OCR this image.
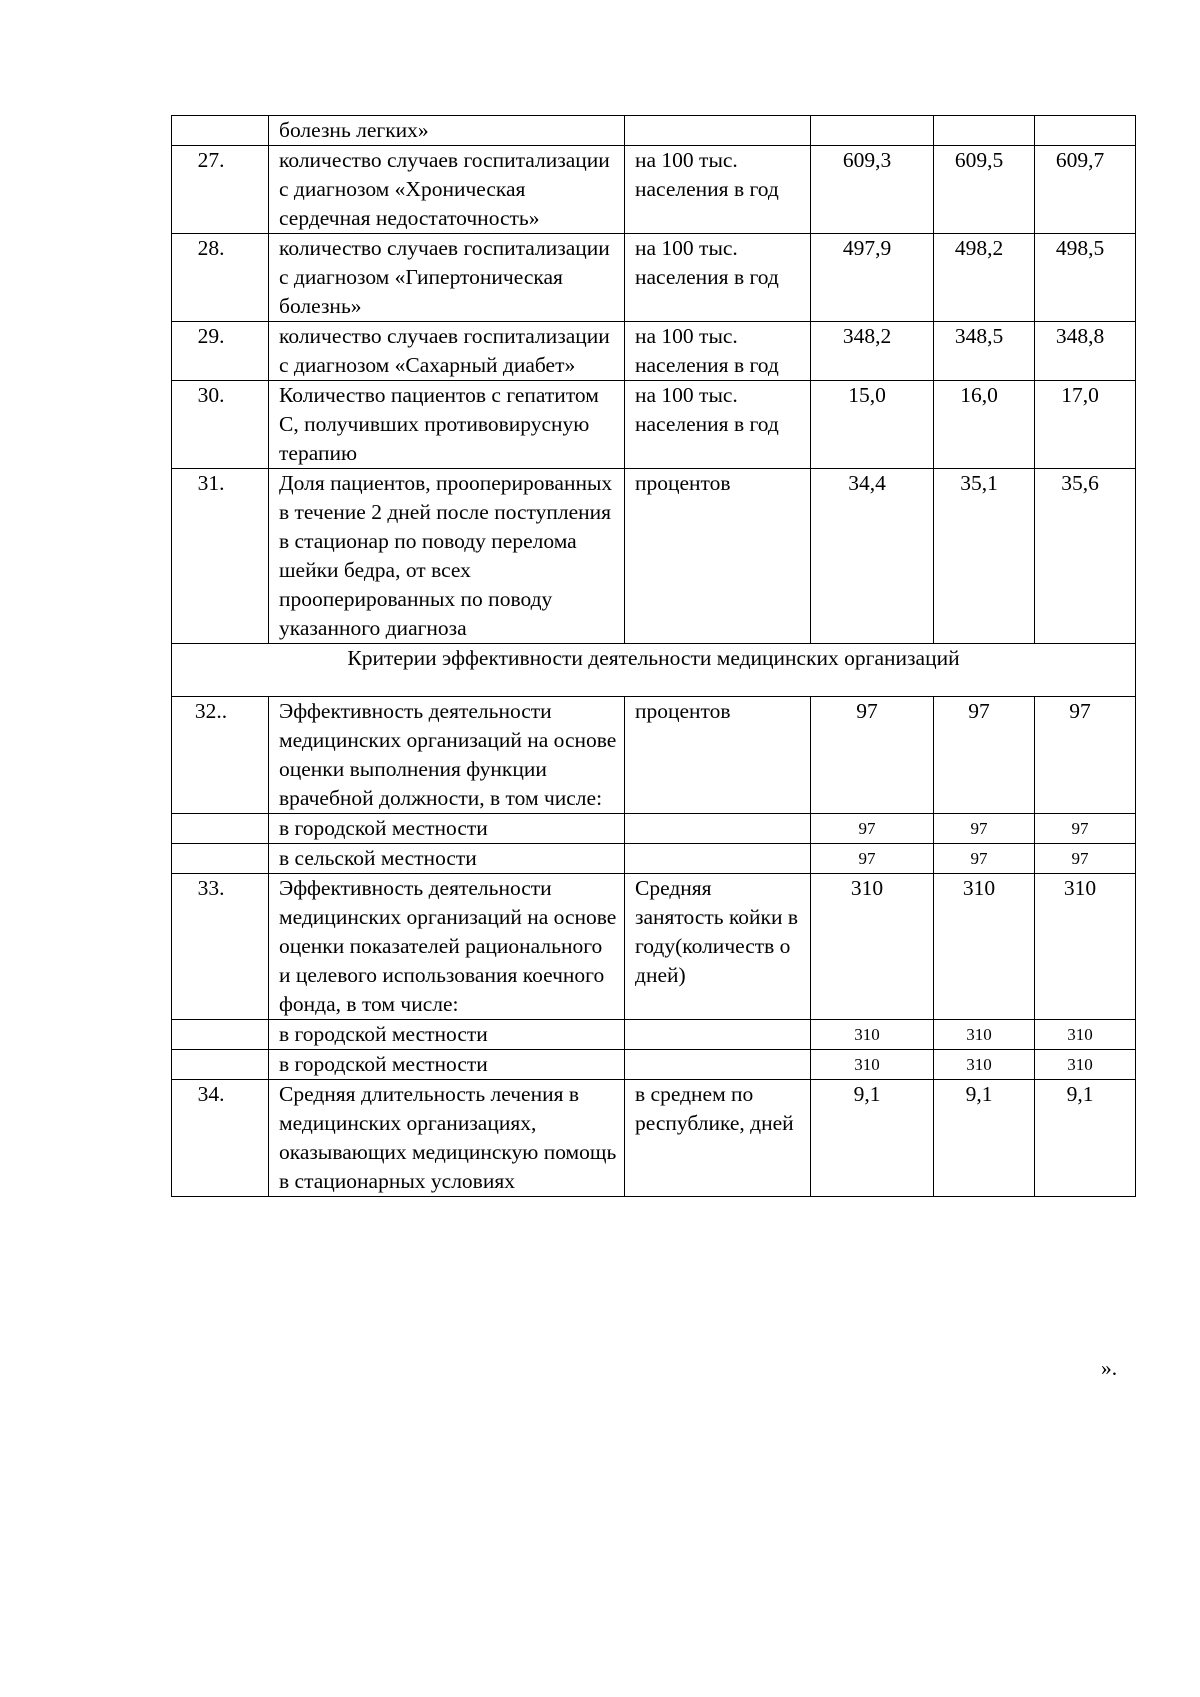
	болезнь легких»				
27.	количество случаев госпитализации с диагнозом «Хроническая сердечная недостаточность»	на 100 тыс. населения в год	609,3	609,5	609,7
28.	количество случаев госпитализации с диагнозом «Гипертоническая болезнь»	на 100 тыс. населения в год	497,9	498,2	498,5
29.	количество случаев госпитализации с диагнозом «Сахарный диабет»	на 100 тыс. населения в год	348,2	348,5	348,8
30.	Количество пациентов с гепатитом С, получивших противовирусную терапию	на 100 тыс. населения в год	15,0	16,0	17,0
31.	Доля пациентов, прооперированных в течение 2 дней после поступления в стационар по поводу перелома шейки бедра, от всех прооперированных по поводу указанного диагноза	процентов	34,4	35,1	35,6
Критерии эффективности деятельности медицинских организаций					
32..	Эффективность деятельности медицинских организаций на основе оценки выполнения функции врачебной должности, в том числе:	процентов	97	97	97
	в городской местности		97	97	97
	в сельской местности		97	97	97
33.	Эффективность деятельности медицинских организаций на основе оценки показателей рационального и целевого использования коечного фонда, в том числе:	Средняя занятость койки в году(количеств о дней)	310	310	310
	в городской местности		310	310	310
	в городской местности		310	310	310
34.	Средняя длительность лечения в медицинских организациях, оказывающих медицинскую помощь в стационарных условиях	в среднем по республике, дней	9,1	9,1	9,1
».
